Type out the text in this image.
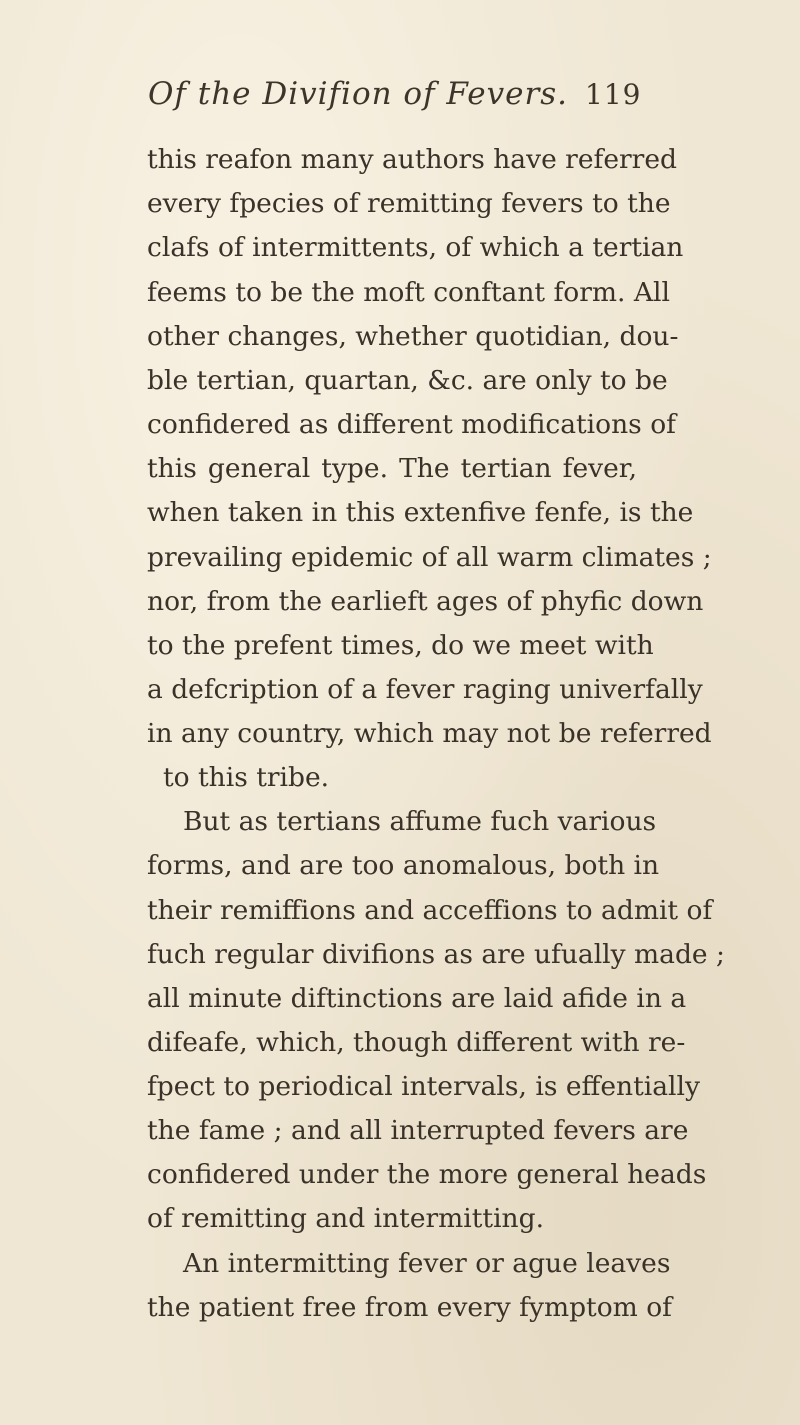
Of the Divifion of Fevers. 119
this reafon many authors have referred
every fpecies of remitting fevers to the
clafs of intermittents, of which a tertian
feems to be the moft conftant form. All
other changes, whether quotidian, dou-
ble tertian, quartan, &c. are only to be
confidered as different modifications of
this general type. The tertian fever,
when taken in this extenfive fenfe, is the
prevailing epidemic of all warm climates ;
nor, from the earlieft ages of phyfic down
to the prefent times, do we meet with
a defcription of a fever raging univerfally
in any country, which may not be referred
to this tribe.
But as tertians affume fuch various
forms, and are too anomalous, both in
their remiffions and acceffions to admit of
fuch regular divifions as are ufually made ;
all minute diftinctions are laid afide in a
difeafe, which, though different with re-
fpect to periodical intervals, is effentially
the fame ; and all interrupted fevers are
confidered under the more general heads
of remitting and intermitting.
An intermitting fever or ague leaves
the patient free from every fymptom of
